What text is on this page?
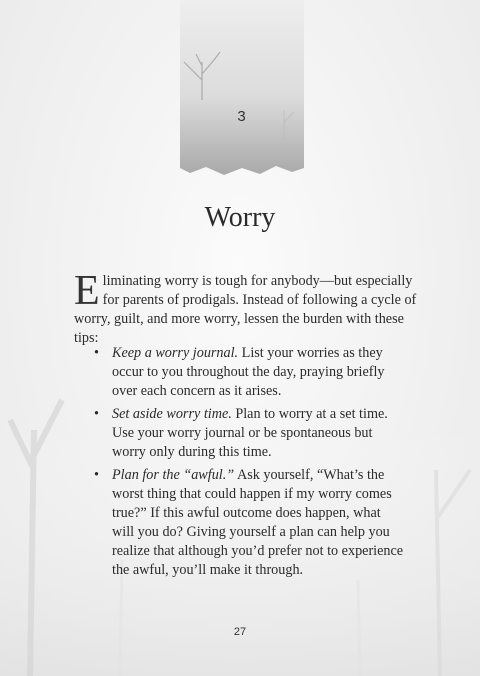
3
Worry

Eliminating worry is tough for anybody—but especially for parents of prodigals. Instead of following a cycle of worry, guilt, and more worry, lessen the burden with these tips:

• Keep a worry journal. List your worries as they occur to you throughout the day, praying briefly over each concern as it arises.
• Set aside worry time. Plan to worry at a set time. Use your worry journal or be spontaneous but worry only during this time.
• Plan for the “awful.” Ask yourself, “What’s the worst thing that could happen if my worry comes true?” If this awful outcome does happen, what will you do? Giving yourself a plan can help you realize that although you’d prefer not to experience the awful, you’ll make it through.
27
